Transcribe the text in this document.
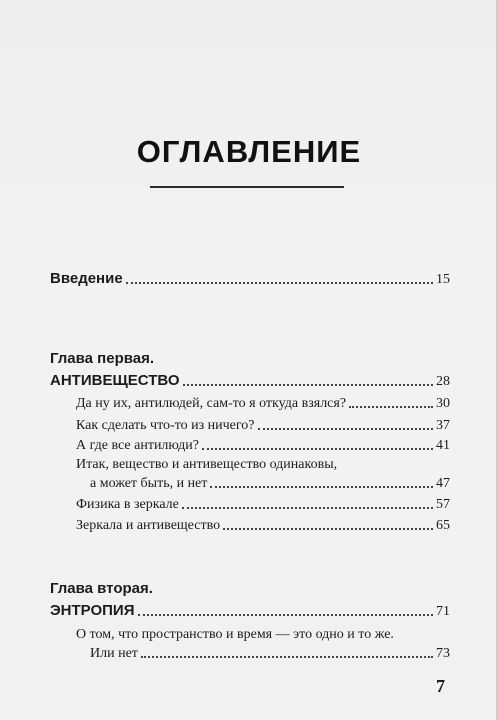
ОГЛАВЛЕНИЕ
Введение	15
Глава первая.
АНТИВЕЩЕСТВО	28
Да ну их, антилюдей, сам-то я откуда взялся?	30
Как сделать что-то из ничего?	37
А где все антилюди?	41
Итак, вещество и антивещество одинаковы,
а может быть, и нет	47
Физика в зеркале	57
Зеркала и антивещество	65
Глава вторая.
ЭНТРОПИЯ	71
О том, что пространство и время — это одно и то же.
Или нет	73
7
